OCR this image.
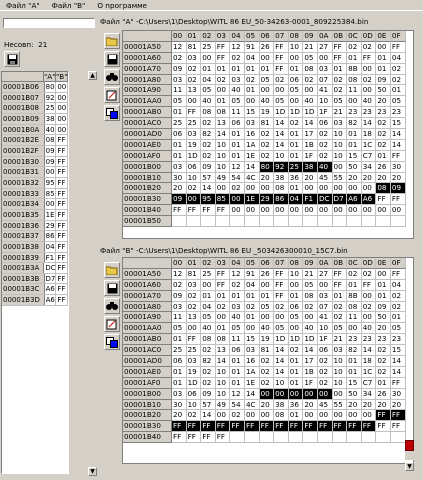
Файл "A"	Файл "B"	О программе
Несовп: 21
"A" "B"
00001B06 80 00
00001B07 92 00
00001B08 25 00
00001B09 38 00
00001B0A 40 00
00001B2E 08 FF
00001B2F	09 FF
00001B30 09 FF
00001B31 00 FF
00001B32 95 FF
00001B33 85 FF
00001B34 00 FF
00001B35 1E FF
00001B36 29 FF
00001B37 86 FF
00001B38 04 FF
00001B39 F1 FF
00001B3A DC FF
00001B3B D7 FF
00001B3C A6 FF
00001B3D A6 FF
▲
▼
Файл "A" -C:\Users\1\Desktop\WITL 86 EU_50-34263-0001_809225384.bin
00 01 02 03 04 05 06 07 08 09 0A 0B 0C 0D 0E 0F
00001A50	12 81 25 FF 12 91 26 FF 10 21 27 FF 02 02 00 FF
00001A60	02 03 00 FF 02 04 00 FF 00 05 00 FF 01 FF 01 04
00001A70	09 02 01 01 01 01 01 FF 01 08 03 01 8B 00 01 02
00001A80	03 02 04 02 03 02 05 02 06 02 07 02 08 02 09 02
00001A90	11 13 05 00 40 01 00 00 05 00 41 02 11 00 50 01
00001AA0	05 00 40 01 05 00 40 05 00 40 10 05 00 40 20 05
00001AB0	01 FF 08 08 11 15 19 1D 1D 1D 1F 21 23 23 23 23
00001AC0	25 25 02 13 06 03 81 14 02 14 06 03 82 14 02 15
00001AD0	06 03 82 14 01 16 02 14 01 17 02 10 01 18 02 14
00001AE0	01 19 02 10 01 1A 02 14 01 1B 02 10 01 1C 02 14
00001AF0	01 1D 02 10 01 1E 02 10 01 1F 02 10 15 C7 01 FF
00001B00	03 06 09 10 12 14 80 92 25 38 40 00 50 34 26 30
00001B10	30 10 57 49 54 4C 20 38 36 20 45 55 20 20 20 20
00001B20	20 02 14 00 02 00 00 08 01 00 00 00 00 00 08 09
00001B30	09 00 95 85 00 1E 29 86 04 F1 DC D7 A6 A6 FF FF
00001B40	FF FF FF FF 00 00 00 00 00 00 00 00 00 00 00 00
00001B50
Файл "B" -C:\Users\1\Desktop\WITL 86 EU _503426300010_15C7.bin
00 01 02 03 04 05 06 07 08 09 0A 0B 0C 0D 0E 0F
00001A50	12 81 25 FF 12 91 26 FF 10 21 27 FF 02 02 00 FF
00001A60	02 03 00 FF 02 04 00 FF 00 05 00 FF 01 FF 01 04
00001A70	09 02 01 01 01 01 01 FF 01 08 03 01 8B 00 01 02
00001A80	03 02 04 02 03 02 05 02 06 02 07 02 08 02 09 02
00001A90	11 13 05 00 40 01 00 00 05 00 41 02 11 00 50 01
00001AA0	05 00 40 01 05 00 40 05 00 40 10 05 00 40 20 05
00001AB0	01 FF 08 08 11 15 19 1D 1D 1D 1F 21 23 23 23 23
00001AC0	25 25 02 13 06 03 81 14 02 14 06 03 82 14 02 15
00001AD0	06 03 82 14 01 16 02 14 01 17 02 10 01 18 02 14
00001AE0	01 19 02 10 01 1A 02 14 01 1B 02 10 01 1C 02 14
00001AF0	01 1D 02 10 01 1E 02 10 01 1F 02 10 15 C7 01 FF
00001B00	03 06 09 10 12 14 00 00 00 00 00 00 50 34 26 30
00001B10	30 10 57 49 54 4C 20 38 36 20 45 55 20 20 20 20
00001B20	20 02 14 00 02 00 00 08 01 00 00 00 00 00 FF FF
00001B30	FF FF FF FF FF FF FF FF FF FF FF FF FF FF FF FF
00001B40	FF FF FF FF
▼
